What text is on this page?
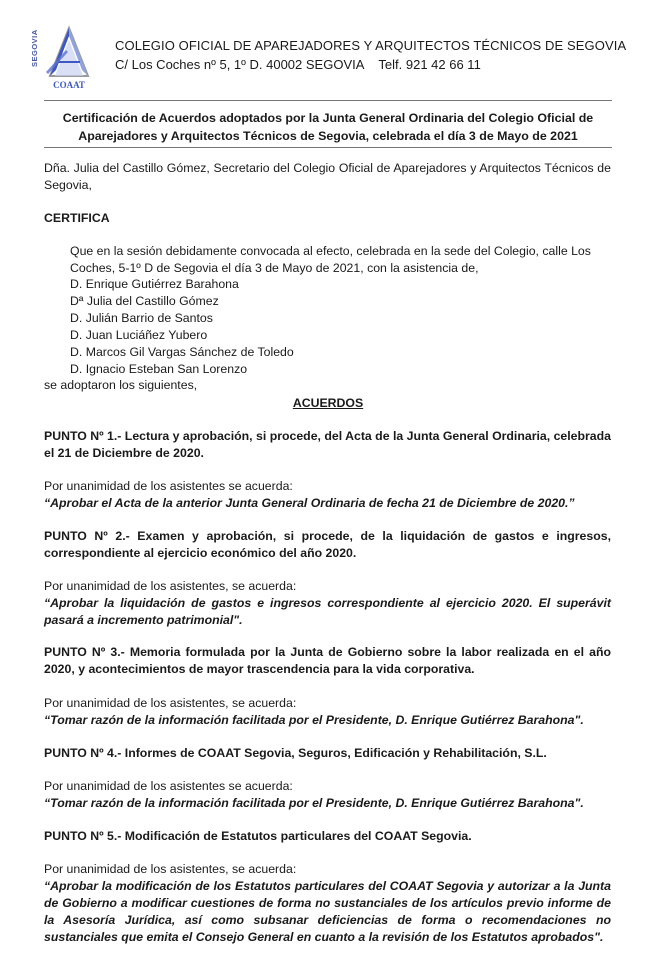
SEGOVIA
COAAT
COLEGIO OFICIAL DE APAREJADORES Y ARQUITECTOS TÉCNICOS DE SEGOVIA
C/ Los Coches nº 5, 1º D. 40002 SEGOVIA Telf. 921 42 66 11
Certificación de Acuerdos adoptados por la Junta General Ordinaria del Colegio Oficial de
Aparejadores y Arquitectos Técnicos de Segovia, celebrada el día 3 de Mayo de 2021
Dña. Julia del Castillo Gómez, Secretario del Colegio Oficial de Aparejadores y Arquitectos Técnicos de Segovia,
CERTIFICA
Que en la sesión debidamente convocada al efecto, celebrada en la sede del Colegio, calle Los Coches, 5-1º D de Segovia el día 3 de Mayo de 2021, con la asistencia de,
D. Enrique Gutiérrez Barahona
Dª Julia del Castillo Gómez
D. Julián Barrio de Santos
D. Juan Luciáñez Yubero
D. Marcos Gil Vargas Sánchez de Toledo
D. Ignacio Esteban San Lorenzo
se adoptaron los siguientes,
ACUERDOS
PUNTO Nº 1.- Lectura y aprobación, si procede, del Acta de la Junta General Ordinaria, celebrada el 21 de Diciembre de 2020.
Por unanimidad de los asistentes se acuerda:
“Aprobar el Acta de la anterior Junta General Ordinaria de fecha 21 de Diciembre de 2020.”
PUNTO Nº 2.- Examen y aprobación, si procede, de la liquidación de gastos e ingresos, correspondiente al ejercicio económico del año 2020.
Por unanimidad de los asistentes, se acuerda:
“Aprobar la liquidación de gastos e ingresos correspondiente al ejercicio 2020. El superávit pasará a incremento patrimonial".
PUNTO Nº 3.- Memoria formulada por la Junta de Gobierno sobre la labor realizada en el año 2020, y acontecimientos de mayor trascendencia para la vida corporativa.
Por unanimidad de los asistentes, se acuerda:
“Tomar razón de la información facilitada por el Presidente, D. Enrique Gutiérrez Barahona".
PUNTO Nº 4.- Informes de COAAT Segovia, Seguros, Edificación y Rehabilitación, S.L.
Por unanimidad de los asistentes se acuerda:
“Tomar razón de la información facilitada por el Presidente, D. Enrique Gutiérrez Barahona".
PUNTO Nº 5.- Modificación de Estatutos particulares del COAAT Segovia.
Por unanimidad de los asistentes, se acuerda:
“Aprobar la modificación de los Estatutos particulares del COAAT Segovia y autorizar a la Junta de Gobierno a modificar cuestiones de forma no sustanciales de los artículos previo informe de la Asesoría Jurídica, así como subsanar deficiencias de forma o recomendaciones no sustanciales que emita el Consejo General en cuanto a la revisión de los Estatutos aprobados".
